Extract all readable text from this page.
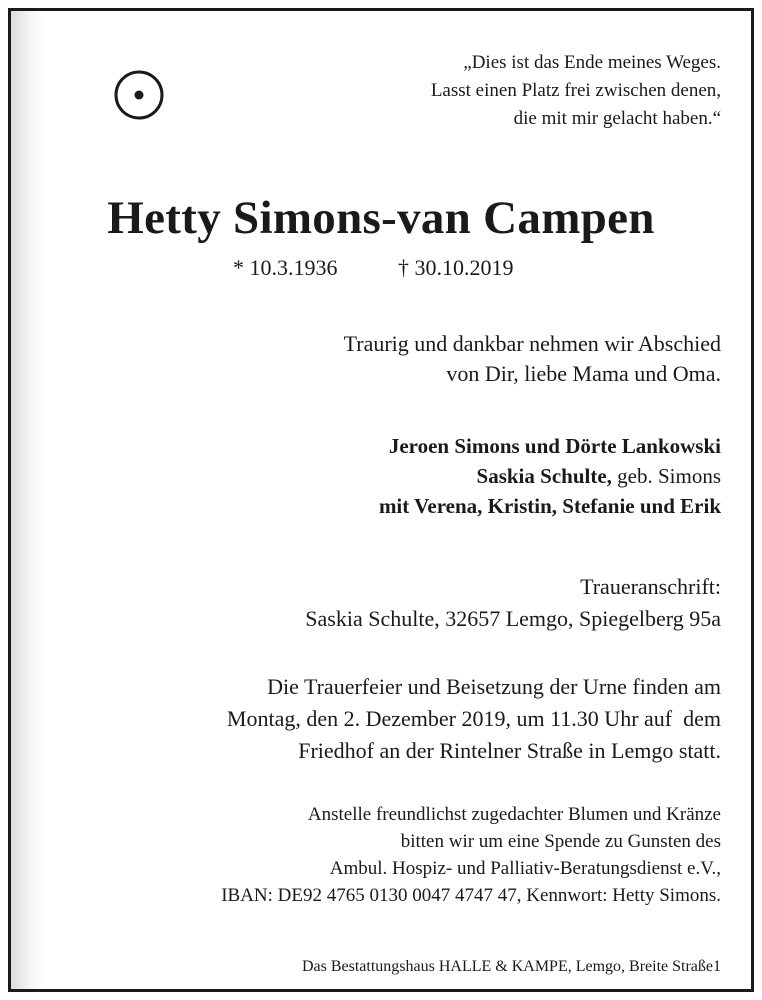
„Dies ist das Ende meines Weges.
Lasst einen Platz frei zwischen denen,
die mit mir gelacht haben.“
Hetty Simons-van Campen
* 10.3.1936	† 30.10.2019
Traurig und dankbar nehmen wir Abschied
von Dir, liebe Mama und Oma.
Jeroen Simons und Dörte Lankowski
Saskia Schulte, geb. Simons
mit Verena, Kristin, Stefanie und Erik
Traueranschrift:
Saskia Schulte, 32657 Lemgo, Spiegelberg 95a
Die Trauerfeier und Beisetzung der Urne finden am
Montag, den 2. Dezember 2019, um 11.30 Uhr auf  dem
Friedhof an der Rintelner Straße in Lemgo statt.
Anstelle freundlichst zugedachter Blumen und Kränze
bitten wir um eine Spende zu Gunsten des
Ambul. Hospiz- und Palliativ-Beratungsdienst e.V.,
IBAN: DE92 4765 0130 0047 4747 47, Kennwort: Hetty Simons.
Das Bestattungshaus HALLE & KAMPE, Lemgo, Breite Straße1
